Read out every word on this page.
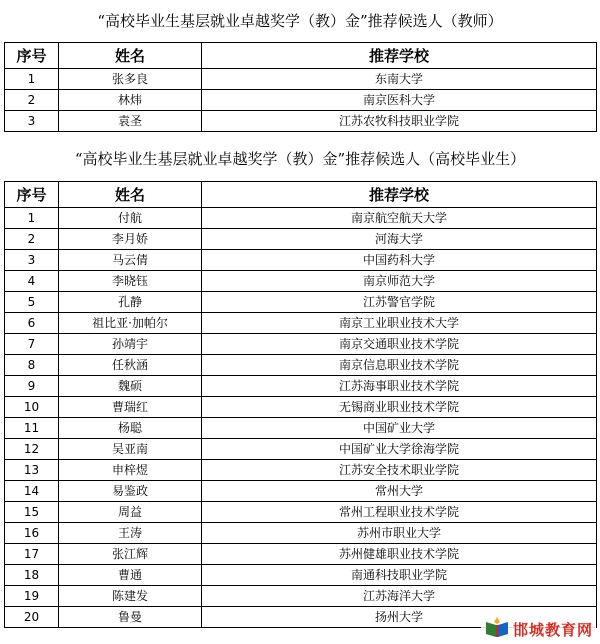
“高校毕业生基层就业卓越奖学（教）金”推荐候选人（教师）
序号	姓名	推荐学校
1	张多良	东南大学
2	林炜	南京医科大学
3	袁圣	江苏农牧科技职业学院
“高校毕业生基层就业卓越奖学（教）金”推荐候选人（高校毕业生）
序号	姓名	推荐学校
1	付航	南京航空航天大学
2	李月娇	河海大学
3	马云倩	中国药科大学
4	李晓钰	南京师范大学
5	孔静	江苏警官学院
6	祖比亚·加帕尔	南京工业职业技术大学
7	孙靖宇	南京交通职业技术学院
8	任秋涵	南京信息职业技术学院
9	魏硕	江苏海事职业技术学院
10	曹瑞红	无锡商业职业技术学院
11	杨聪	中国矿业大学
12	吴亚南	中国矿业大学徐海学院
13	申梓煜	江苏安全技术职业学院
14	易鉴政	常州大学
15	周益	常州工程职业技术学院
16	王涛	苏州市职业大学
17	张江辉	苏州健雄职业技术学院
18	曹通	南通科技职业学院
19	陈建发	江苏海洋大学
20	鲁曼	扬州大学
邯城教育网
